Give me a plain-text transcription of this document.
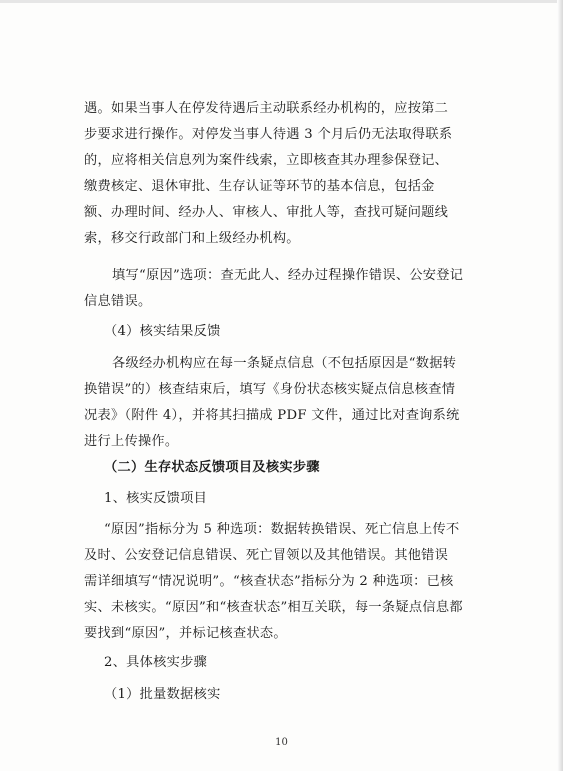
遇。如果当事人在停发待遇后主动联系经办机构的，应按第二
步要求进行操作。对停发当事人待遇 3 个月后仍无法取得联系
的，应将相关信息列为案件线索，立即核查其办理参保登记、
缴费核定、退休审批、生存认证等环节的基本信息，包括金
额、办理时间、经办人、审核人、审批人等，查找可疑问题线
索，移交行政部门和上级经办机构。
填写“原因”选项：查无此人、经办过程操作错误、公安登记
信息错误。
（4）核实结果反馈
各级经办机构应在每一条疑点信息（不包括原因是“数据转
换错误”的）核查结束后，填写《身份状态核实疑点信息核查情
况表》（附件 4），并将其扫描成 PDF 文件，通过比对查询系统
进行上传操作。
（二）生存状态反馈项目及核实步骤
1、核实反馈项目
“原因”指标分为 5 种选项：数据转换错误、死亡信息上传不
及时、公安登记信息错误、死亡冒领以及其他错误。其他错误
需详细填写“情况说明”。“核查状态”指标分为 2 种选项：已核
实、未核实。“原因”和“核查状态”相互关联，每一条疑点信息都
要找到“原因”，并标记核查状态。
2、具体核实步骤
（1）批量数据核实
10
